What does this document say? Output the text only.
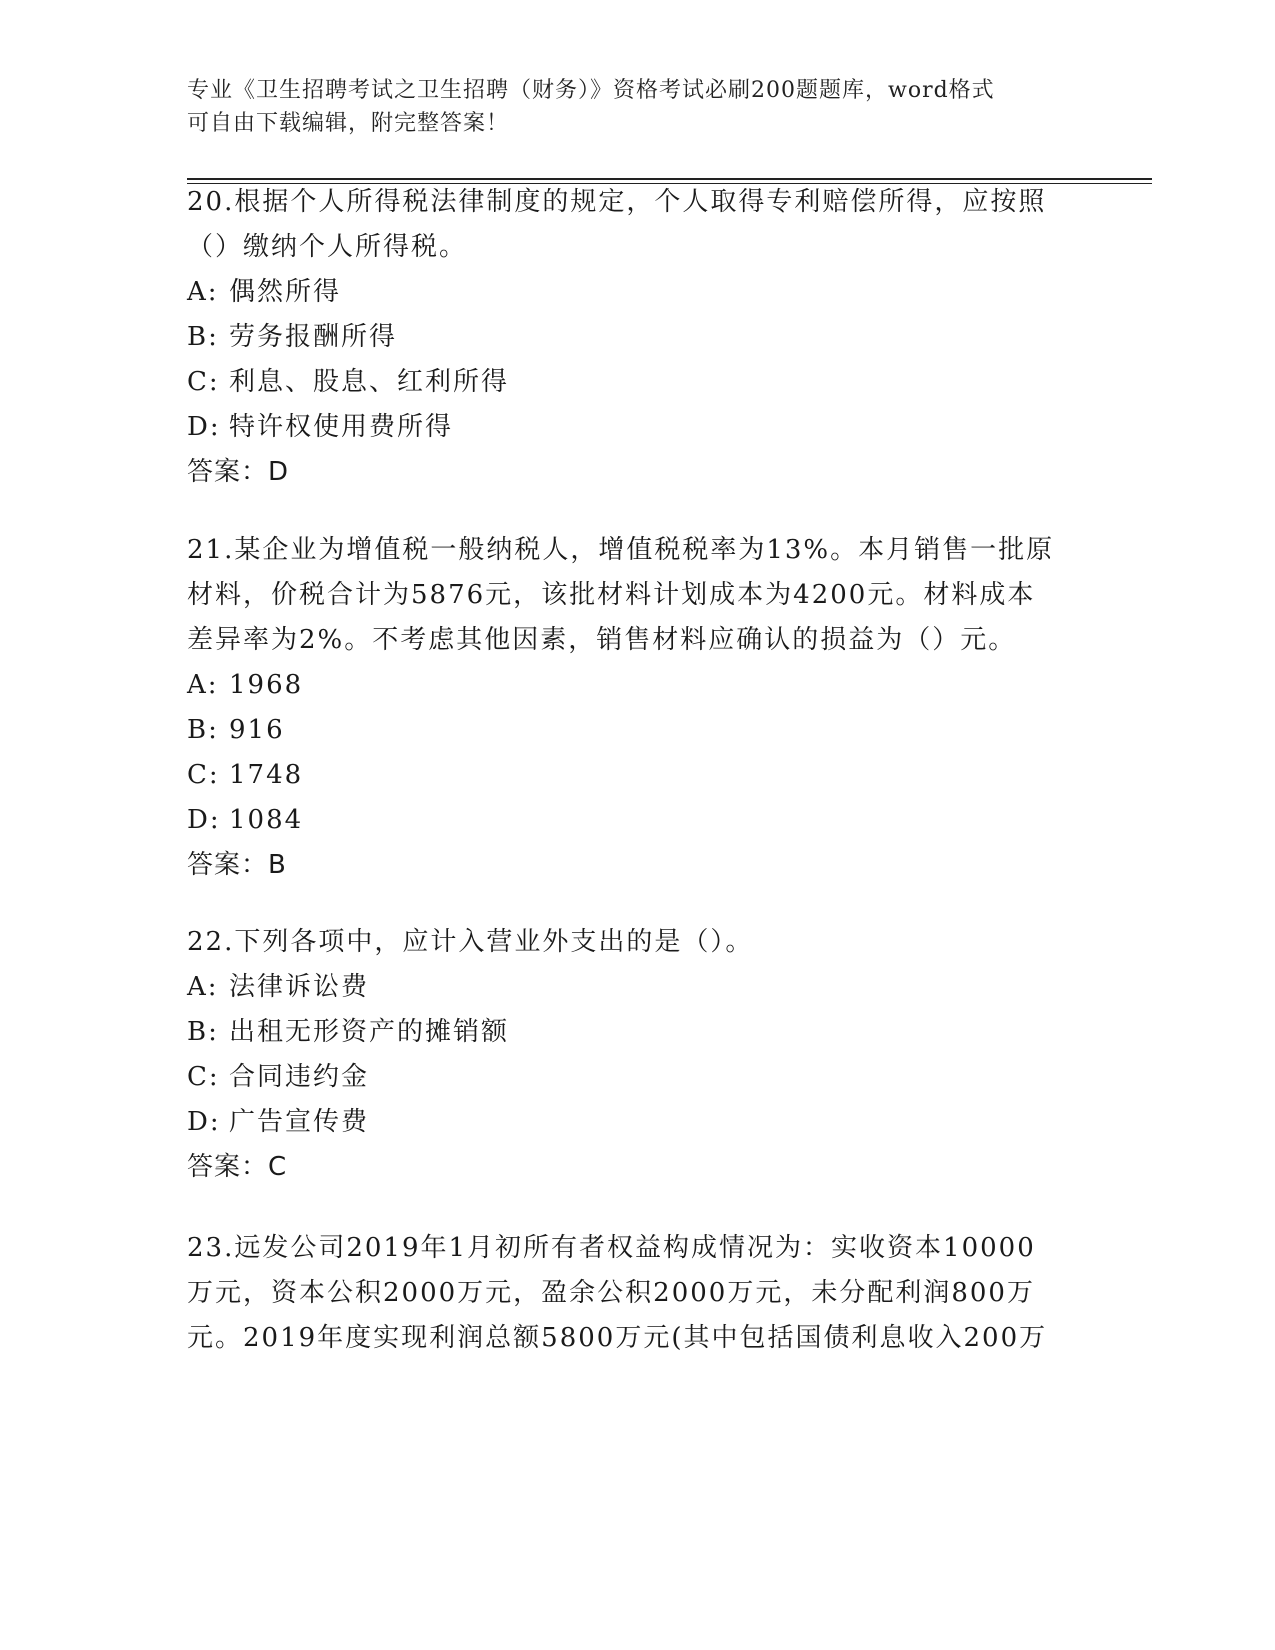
专业《卫生招聘考试之卫生招聘（财务）》资格考试必刷200题题库，word格式
可自由下载编辑，附完整答案！

20.根据个人所得税法律制度的规定，个人取得专利赔偿所得，应按照

（）缴纳个人所得税。

A: 偶然所得

B: 劳务报酬所得

C: 利息、股息、红利所得

D: 特许权使用费所得

答案：D

21.某企业为增值税一般纳税人，增值税税率为13%。本月销售一批原

材料，价税合计为5876元，该批材料计划成本为4200元。材料成本

差异率为2%。不考虑其他因素，销售材料应确认的损益为（）元。

A: 1968

B: 916

C: 1748

D: 1084

答案：B

22.下列各项中，应计入营业外支出的是（）。

A: 法律诉讼费

B: 出租无形资产的摊销额

C: 合同违约金

D: 广告宣传费

答案：C

23.远发公司2019年1月初所有者权益构成情况为：实收资本10000

万元，资本公积2000万元，盈余公积2000万元，未分配利润800万

元。2019年度实现利润总额5800万元(其中包括国债利息收入200万
